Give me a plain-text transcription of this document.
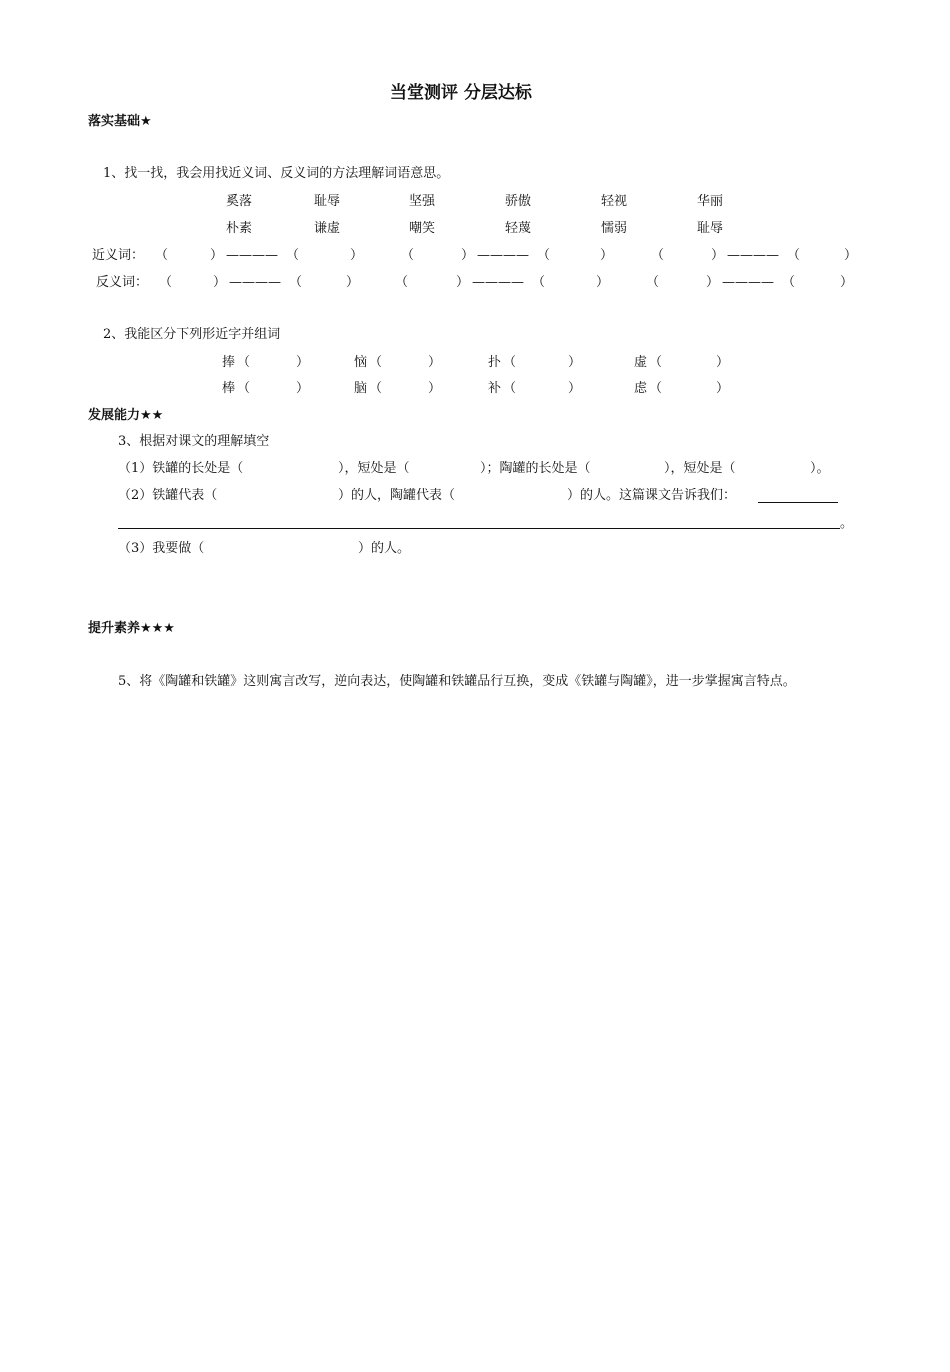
当堂测评 分层达标
落实基础★
1、找一找，我会用找近义词、反义词的方法理解词语意思。
奚落	耻辱	坚强	骄傲	轻视	华丽
朴素	谦虚	嘲笑	轻蔑	懦弱	耻辱
近义词： （	） ———— （	）	（	） ———— （	）	（	） ———— （	）
反义词： （	） ———— （	）	（	） ———— （	）	（	） ———— （	）
2、我能区分下列形近字并组词
捧 （	）	恼 （	）	扑 （	）	虚 （	）
棒 （	）	脑 （	）	补 （	）	虑 （	）
发展能力★★
3、根据对课文的理解填空
（1）铁罐的长处是（	），短处是（	）；陶罐的长处是（	），短处是（	）。
（2）铁罐代表（	）的人，陶罐代表（	）的人。这篇课文告诉我们：
。
（3）我要做（	）的人。
提升素养★★★
5、将《陶罐和铁罐》这则寓言改写，逆向表达，使陶罐和铁罐品行互换，变成《铁罐与陶罐》，进一步掌握寓言特点。
